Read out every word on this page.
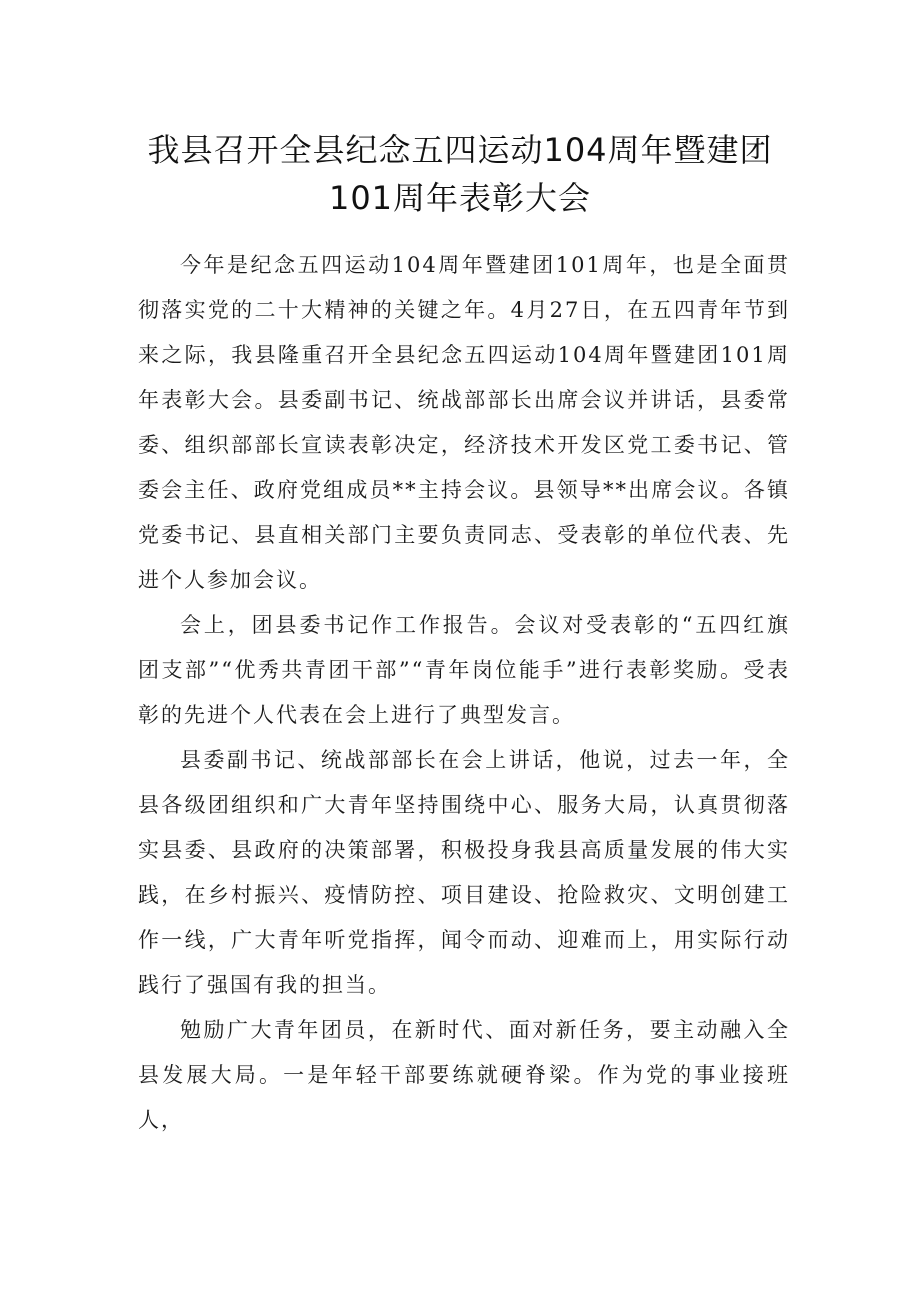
我县召开全县纪念五四运动104周年暨建团
101周年表彰大会

今年是纪念五四运动104周年暨建团101周年，也是全面贯彻落实党的二十大精神的关键之年。4月27日，在五四青年节到来之际，我县隆重召开全县纪念五四运动104周年暨建团101周年表彰大会。县委副书记、统战部部长出席会议并讲话，县委常委、组织部部长宣读表彰决定，经济技术开发区党工委书记、管委会主任、政府党组成员**主持会议。县领导**出席会议。各镇党委书记、县直相关部门主要负责同志、受表彰的单位代表、先进个人参加会议。

会上，团县委书记作工作报告。会议对受表彰的“五四红旗团支部”“优秀共青团干部”“青年岗位能手”进行表彰奖励。受表彰的先进个人代表在会上进行了典型发言。

县委副书记、统战部部长在会上讲话，他说，过去一年，全县各级团组织和广大青年坚持围绕中心、服务大局，认真贯彻落实县委、县政府的决策部署，积极投身我县高质量发展的伟大实践，在乡村振兴、疫情防控、项目建设、抢险救灾、文明创建工作一线，广大青年听党指挥，闻令而动、迎难而上，用实际行动践行了强国有我的担当。

勉励广大青年团员，在新时代、面对新任务，要主动融入全县发展大局。一是年轻干部要练就硬脊梁。作为党的事业接班人，
